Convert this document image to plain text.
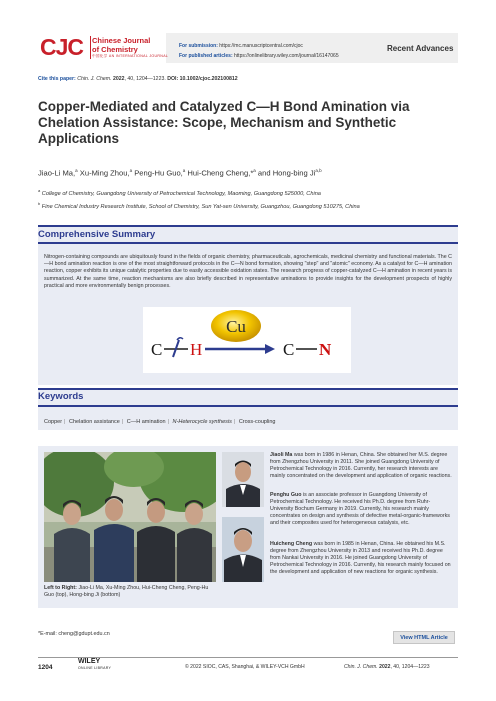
CJC Chinese Journal
of Chemistry
中国化学 AN INTERNATIONAL JOURNAL
For submission: https://mc.manuscriptcentral.com/cjoc
For published articles: https://onlinelibrary.wiley.com/journal/16147065
Recent Advances
Cite this paper: Chin. J. Chem. 2022, 40, 1204—1223. DOI: 10.1002/cjoc.202100812
Copper-Mediated and Catalyzed C—H Bond Amination via Chelation Assistance: Scope, Mechanism and Synthetic Applications
Jiao-Li Ma,$^a$ Xu-Ming Zhou,$^a$ Peng-Hu Guo,$^a$ Hui-Cheng Cheng,*$^a$ and Hong-bing Ji$^{a,b}$
$^a$ College of Chemistry, Guangdong University of Petrochemical Technology, Maoming, Guangdong 525000, China
$^b$ Fine Chemical Industry Research Institute, School of Chemistry, Sun Yat-sen University, Guangzhou, Guangdong 510275, China
Comprehensive Summary
Nitrogen-containing compounds are ubiquitously found in the fields of organic chemistry, pharmaceuticals, agrochemicals, medicinal chemistry and functional materials. The C—H bond amination reaction is one of the most straightforward protocols in the C—N bond formation, showing "step" and "atomic" economy. As a catalyst for C—H amination reaction, copper exhibits its unique catalytic properties due to easily accessible oxidation states. The research progress of copper-catalyzed C—H amination in recent years is summarized. At the same time, reaction mechanisms are also briefly described in representative aminations to provide insights for the development prospects of highly practical and more environmentally benign processes.
Cu
C H	C N
Keywords
Copper | Chelation assistance | C—H amination | N-Heterocycle synthesis | Cross-coupling
Left to Right: Jiao-Li Ma, Xu-Ming Zhou, Hui-Cheng Cheng, Peng-Hu Guo (top), Hong-bing Ji (bottom)
Jiaoli Ma was born in 1986 in Henan, China. She obtained her M.S. degree from Zhengzhou University in 2011. She joined Guangdong University of Petrochemical Technology in 2016. Currently, her research interests are mainly concentrated on the development and application of organic reactions.
Penghu Guo is an associate professor in Guangdong University of Petrochemical Technology. He received his Ph.D. degree from Ruhr-University Bochum Germany in 2019. Currently, his research mainly concentrates on design and synthesis of defective metal-organic-frameworks and their composites used for heterogeneous catalysis, etc.
Huicheng Cheng was born in 1985 in Henan, China. He obtained his M.S. degree from Zhengzhou University in 2013 and received his Ph.D. degree from Nankai University in 2016. He joined Guangdong University of Petrochemical Technology in 2016. Currently, his research mainly focused on the development and application of new reactions for organic synthesis.
*E-mail: cheng@gdupt.edu.cn
View HTML Article
1204
WILEY
ONLINE LIBRARY	© 2022 SIOC, CAS, Shanghai, & WILEY-VCH GmbH	Chin. J. Chem. 2022, 40, 1204—1223
